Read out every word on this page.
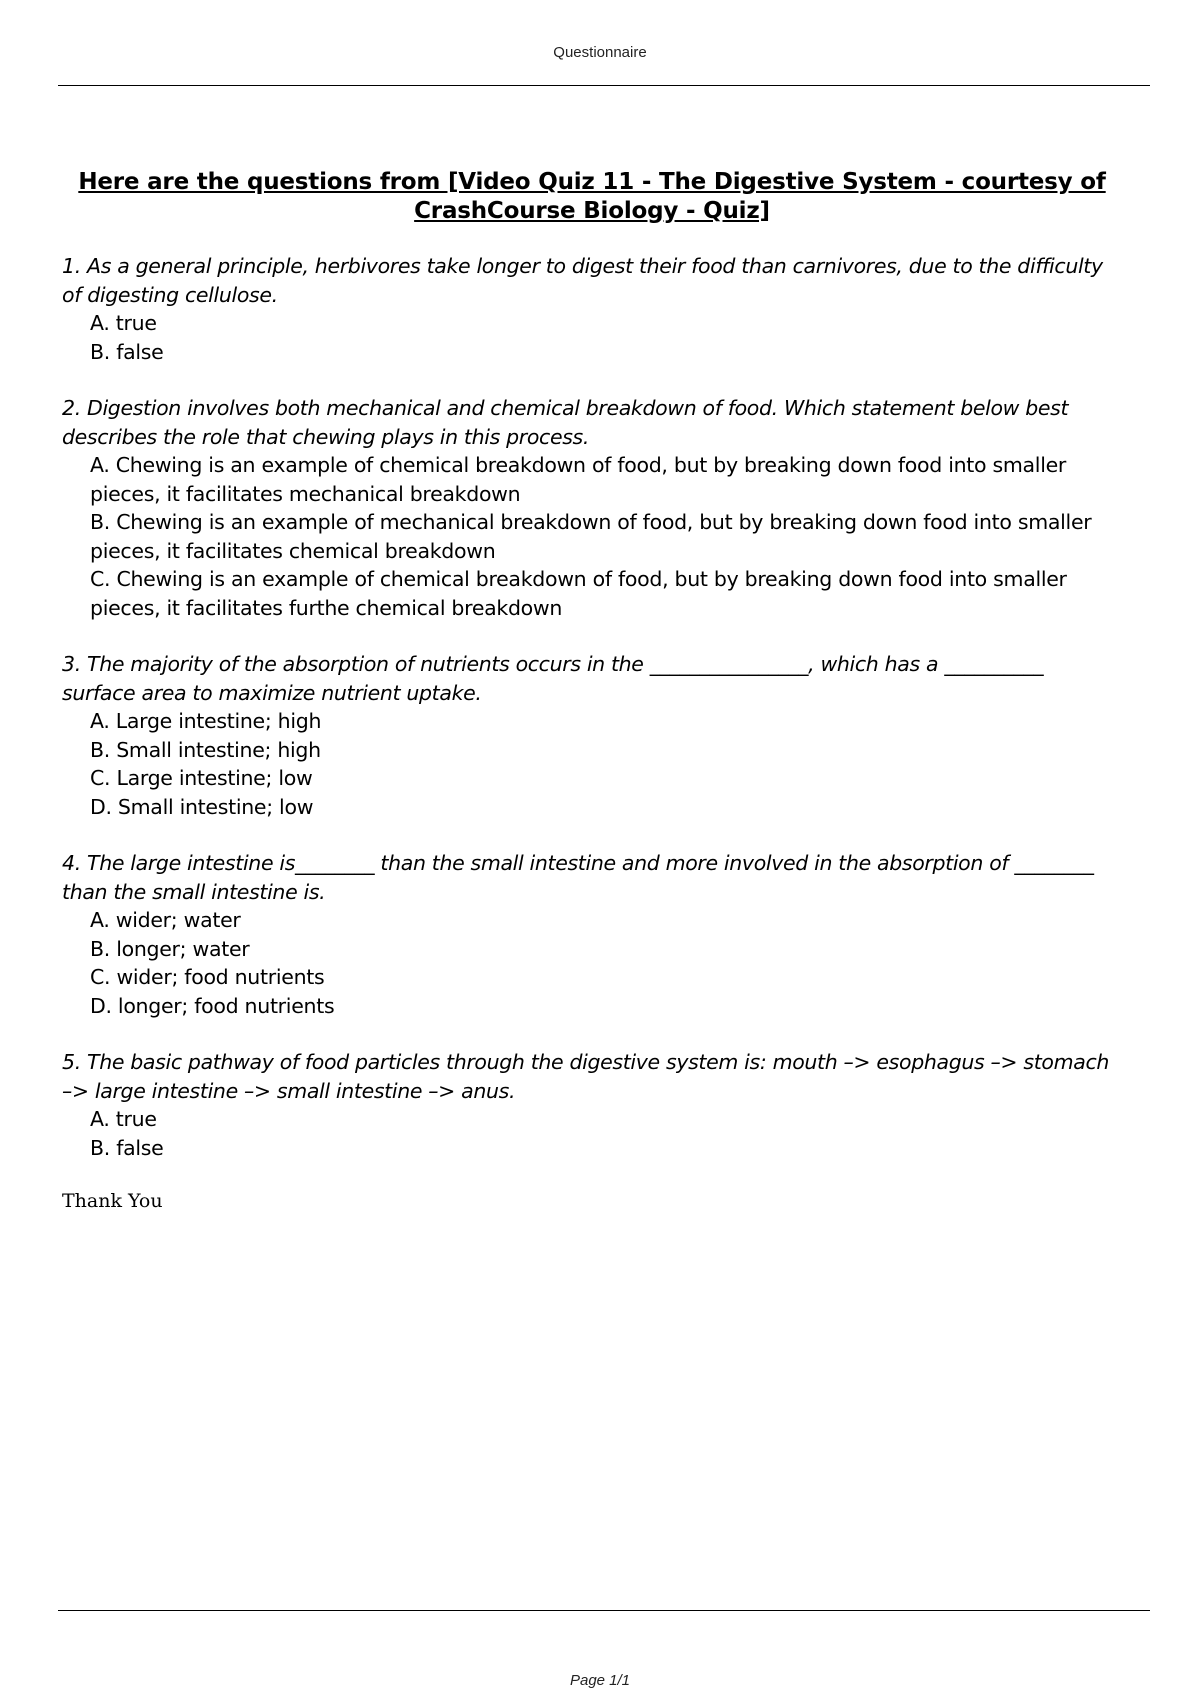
Questionnaire
Here are the questions from [Video Quiz 11 - The Digestive System - courtesy of CrashCourse Biology - Quiz]
1. As a general principle, herbivores take longer to digest their food than carnivores, due to the difficulty of digesting cellulose.
A. true
B. false
2. Digestion involves both mechanical and chemical breakdown of food. Which statement below best describes the role that chewing plays in this process.
A. Chewing is an example of chemical breakdown of food, but by breaking down food into smaller pieces, it facilitates mechanical breakdown
B. Chewing is an example of mechanical breakdown of food, but by breaking down food into smaller pieces, it facilitates chemical breakdown
C. Chewing is an example of chemical breakdown of food, but by breaking down food into smaller pieces, it facilitates furthe chemical breakdown
3. The majority of the absorption of nutrients occurs in the ________________, which has a __________ surface area to maximize nutrient uptake.
A. Large intestine; high
B. Small intestine; high
C. Large intestine; low
D. Small intestine; low
4. The large intestine is________ than the small intestine and more involved in the absorption of ________ than the small intestine is.
A. wider; water
B. longer; water
C. wider; food nutrients
D. longer; food nutrients
5. The basic pathway of food particles through the digestive system is: mouth –> esophagus –> stomach –> large intestine –> small intestine –> anus.
A. true
B. false
Thank You
Page 1/1
